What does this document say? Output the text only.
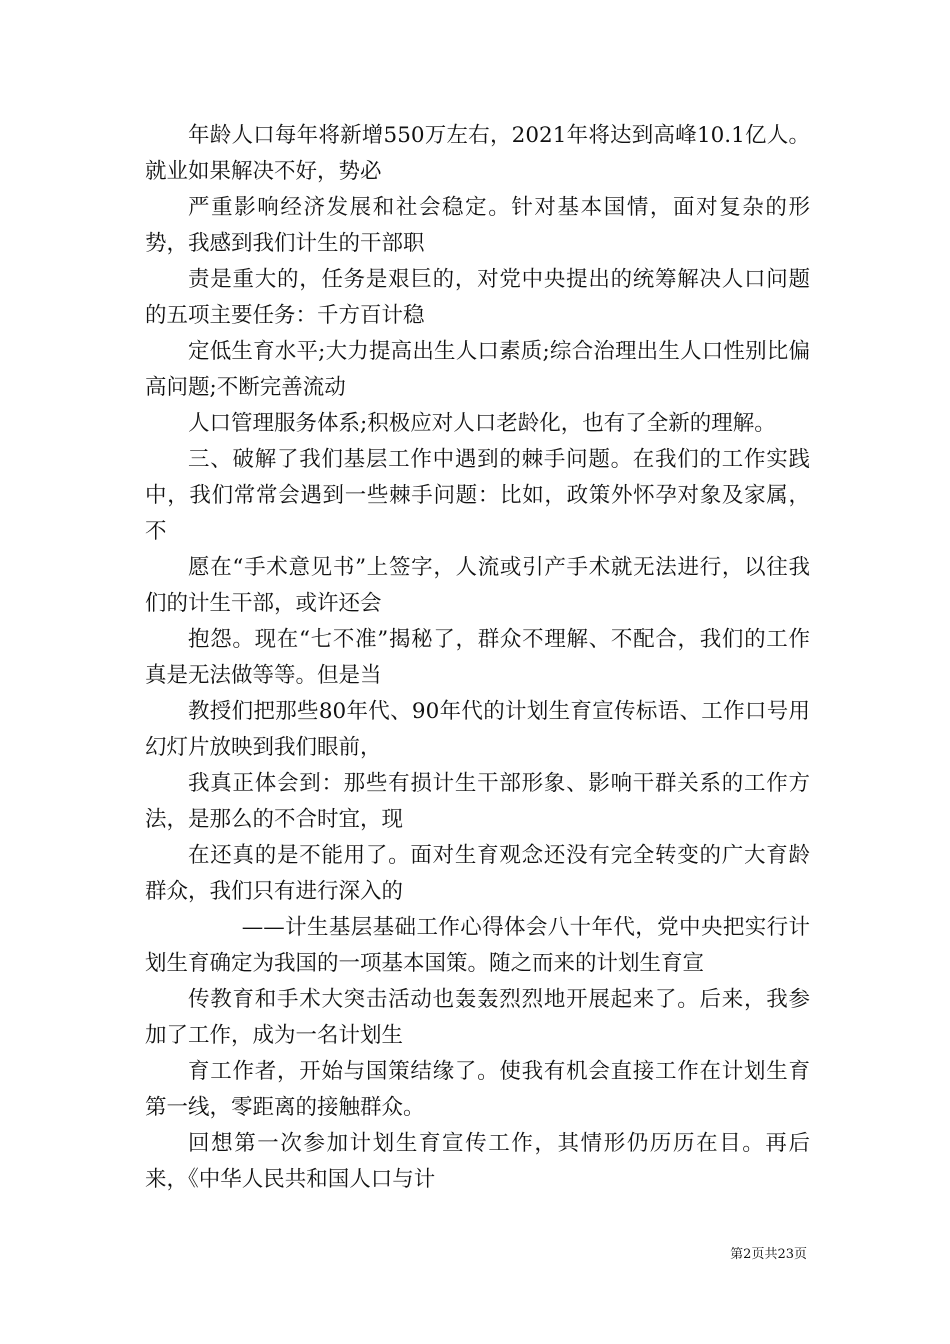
年龄人口每年将新增550万左右，2021年将达到高峰10.1亿人。就业如果解决不好，势必

严重影响经济发展和社会稳定。针对基本国情，面对复杂的形势，我感到我们计生的干部职

责是重大的，任务是艰巨的，对党中央提出的统筹解决人口问题的五项主要任务：千方百计稳

定低生育水平;大力提高出生人口素质;综合治理出生人口性别比偏高问题;不断完善流动

人口管理服务体系;积极应对人口老龄化，也有了全新的理解。

三、破解了我们基层工作中遇到的棘手问题。在我们的工作实践中，我们常常会遇到一些棘手问题：比如，政策外怀孕对象及家属，不

愿在“手术意见书”上签字，人流或引产手术就无法进行，以往我们的计生干部，或许还会

抱怨。现在“七不准”揭秘了，群众不理解、不配合，我们的工作真是无法做等等。但是当

教授们把那些80年代、90年代的计划生育宣传标语、工作口号用幻灯片放映到我们眼前，

我真正体会到：那些有损计生干部形象、影响干群关系的工作方法，是那么的不合时宜，现

在还真的是不能用了。面对生育观念还没有完全转变的广大育龄群众，我们只有进行深入的

——计生基层基础工作心得体会八十年代，党中央把实行计划生育确定为我国的一项基本国策。随之而来的计划生育宣

传教育和手术大突击活动也轰轰烈烈地开展起来了。后来，我参加了工作，成为一名计划生

育工作者，开始与国策结缘了。使我有机会直接工作在计划生育第一线，零距离的接触群众。

回想第一次参加计划生育宣传工作，其情形仍历历在目。再后来，《中华人民共和国人口与计

第2页共23页
